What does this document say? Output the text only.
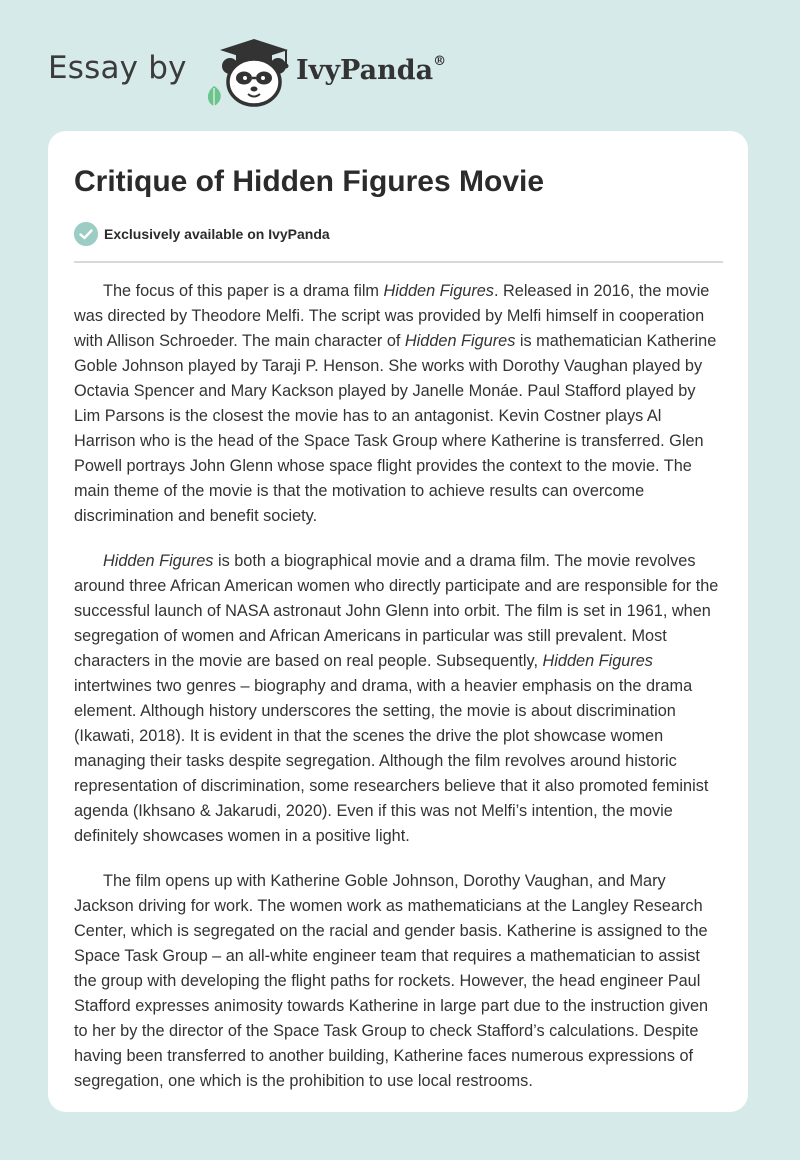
Essay by	IvyPanda®
Critique of Hidden Figures Movie
Exclusively available on IvyPanda

The focus of this paper is a drama film Hidden Figures. Released in 2016, the movie was directed by Theodore Melfi. The script was provided by Melfi himself in cooperation with Allison Schroeder. The main character of Hidden Figures is mathematician Katherine Goble Johnson played by Taraji P. Henson. She works with Dorothy Vaughan played by Octavia Spencer and Mary Kackson played by Janelle Monáe. Paul Stafford played by Lim Parsons is the closest the movie has to an antagonist. Kevin Costner plays Al Harrison who is the head of the Space Task Group where Katherine is transferred. Glen Powell portrays John Glenn whose space flight provides the context to the movie. The main theme of the movie is that the motivation to achieve results can overcome discrimination and benefit society.

Hidden Figures is both a biographical movie and a drama film. The movie revolves around three African American women who directly participate and are responsible for the successful launch of NASA astronaut John Glenn into orbit. The film is set in 1961, when segregation of women and African Americans in particular was still prevalent. Most characters in the movie are based on real people. Subsequently, Hidden Figures intertwines two genres – biography and drama, with a heavier emphasis on the drama element. Although history underscores the setting, the movie is about discrimination (Ikawati, 2018). It is evident in that the scenes the drive the plot showcase women managing their tasks despite segregation. Although the film revolves around historic representation of discrimination, some researchers believe that it also promoted feminist agenda (Ikhsano & Jakarudi, 2020). Even if this was not Melfi’s intention, the movie definitely showcases women in a positive light.

The film opens up with Katherine Goble Johnson, Dorothy Vaughan, and Mary Jackson driving for work. The women work as mathematicians at the Langley Research Center, which is segregated on the racial and gender basis. Katherine is assigned to the Space Task Group – an all-white engineer team that requires a mathematician to assist the group with developing the flight paths for rockets. However, the head engineer Paul Stafford expresses animosity towards Katherine in large part due to the instruction given to her by the director of the Space Task Group to check Stafford’s calculations. Despite having been transferred to another building, Katherine faces numerous expressions of segregation, one which is the prohibition to use local restrooms.
